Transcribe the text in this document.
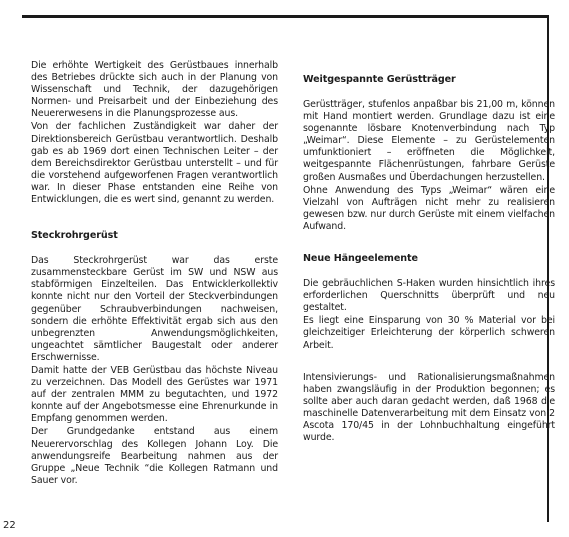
Die erhöhte Wertigkeit des Gerüstbaues innerhalb des Betriebes drückte sich auch in der Planung von Wissenschaft und Technik, der dazugehörigen Normen- und Preisarbeit und der Einbeziehung des Neuererwesens in die Planungsprozesse aus.

Von der fachlichen Zuständigkeit war daher der Direktionsbereich Gerüstbau verantwortlich. Deshalb gab es ab 1969 dort einen Technischen Leiter – der dem Bereichsdirektor Gerüstbau unterstellt – und für die vorstehend aufgeworfenen Fragen verantwortlich war. In dieser Phase entstanden eine Reihe von Entwicklungen, die es wert sind, genannt zu werden.

Steckrohrgerüst

Das Steckrohrgerüst war das erste zusammensteckbare Gerüst im SW und NSW aus stabförmigen Einzelteilen. Das Entwicklerkollektiv konnte nicht nur den Vorteil der Steckverbindungen gegenüber Schraubverbindungen nachweisen, sondern die erhöhte Effektivität ergab sich aus den unbegrenzten Anwendungsmöglichkeiten, ungeachtet sämtlicher Baugestalt oder anderer Erschwernisse.

Damit hatte der VEB Gerüstbau das höchste Niveau zu verzeichnen. Das Modell des Gerüstes war 1971 auf der zentralen MMM zu begutachten, und 1972 konnte auf der Angebotsmesse eine Ehrenurkunde in Empfang genommen werden.

Der Grundgedanke entstand aus einem Neuerervorschlag des Kollegen Johann Loy. Die anwendungsreife Bearbeitung nahmen aus der Gruppe „Neue Technik “die Kollegen Ratmann und Sauer vor.

Weitgespannte Gerüstträger

Gerüstträger, stufenlos anpaßbar bis 21,00 m, können mit Hand montiert werden. Grundlage dazu ist eine sogenannte lösbare Knotenverbindung nach Typ „Weimar“. Diese Elemente – zu Gerüstelementen umfunktioniert – eröffneten die Möglichkeit, weitgespannte Flächenrüstungen, fahrbare Gerüste großen Ausmaßes und Überdachungen herzustellen.

Ohne Anwendung des Typs „Weimar“ wären eine Vielzahl von Aufträgen nicht mehr zu realisieren gewesen bzw. nur durch Gerüste mit einem vielfachen Aufwand.

Neue Hängeelemente

Die gebräuchlichen S-Haken wurden hinsichtlich ihres erforderlichen Querschnitts überprüft und neu gestaltet.

Es liegt eine Einsparung von 30 % Material vor bei gleichzeitiger Erleichterung der körperlich schweren Arbeit.

Intensivierungs- und Rationalisierungsmaßnahmen haben zwangsläufig in der Produktion begonnen; es sollte aber auch daran gedacht werden, daß 1968 die maschinelle Datenverarbeitung mit dem Einsatz von 2 Ascota 170/45 in der Lohnbuchhaltung eingeführt wurde.

22
